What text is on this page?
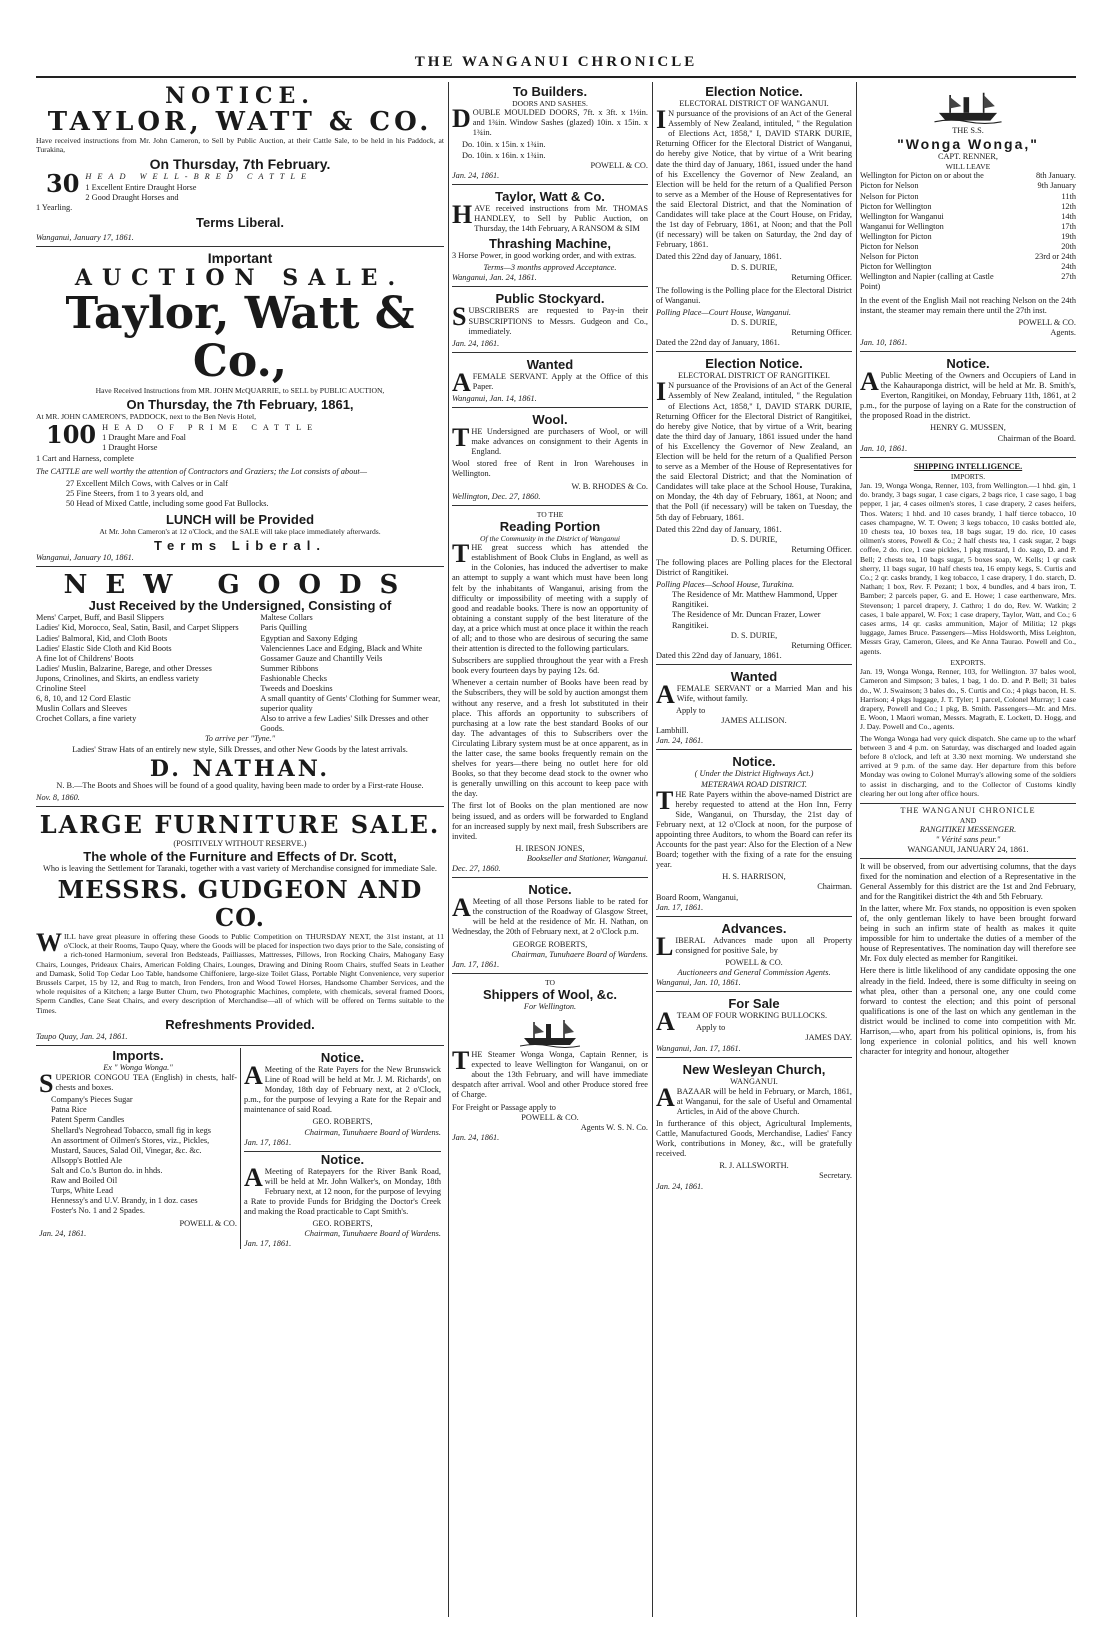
THE WANGANUI CHRONICLE
NOTICE.
TAYLOR, WATT & CO.

Have received instructions from Mr. John Cameron, to Sell by Public Auction, at their Cattle Sale, to be held in his Paddock, at Turakina,

On Thursday, 7th February.
30 HEAD WELL-BRED CATTLE
1 Excellent Entire Draught Horse
2 Good Draught Horses and
1 Yearling.
Terms Liberal.
Wanganui, January 17, 1861.
Important
AUCTION SALE.
Taylor, Watt & Co.,

Have Received Instructions from MR. JOHN McQUARRIE, to SELL by PUBLIC AUCTION,

On Thursday, the 7th February, 1861,

At MR. JOHN CAMERON'S, PADDOCK, next to the Ben Nevis Hotel,

100 HEAD OF PRIME CATTLE
1 Draught Mare and Foal
1 Draught Horse
1 Cart and Harness, complete

The CATTLE are well worthy the attention of Contractors and Graziers; the Lot consists of about—

27 Excellent Milch Cows, with Calves or in Calf
25 Fine Steers, from 1 to 3 years old, and
50 Head of Mixed Cattle, including some good Fat Bullocks.
LUNCH will be Provided

At Mr. John Cameron's at 12 o'Clock, and the SALE will take place immediately afterwards.

Terms Liberal.
Wanganui, January 10, 1861.
NEW GOODS
Just Received by the Undersigned, Consisting of
Mens' Carpet, Buff, and Basil Slippers
Ladies' Kid, Morocco, Seal, Satin, Basil, and Carpet Slippers
Ladies' Balmoral, Kid, and Cloth Boots
Ladies' Elastic Side Cloth and Kid Boots
A fine lot of Childrens' Boots
Ladies' Muslin, Balzarine, Barege, and other Dresses
Jupons, Crinolines, and Skirts, an endless variety
Crinoline Steel
6, 8, 10, and 12 Cord Elastic
Muslin Collars and Sleeves
Crochet Collars, a fine variety
Maltese Collars
Paris Quilling
Egyptian and Saxony Edging
Valenciennes Lace and Edging, Black and White
Gossamer Gauze and Chantilly Veils
Summer Ribbons
Fashionable Checks
Tweeds and Doeskins
A small quantity of Gents' Clothing for Summer wear, superior quality
Also to arrive a few Ladies' Silk Dresses and other Goods.
To arrive per "Tyne."

Ladies' Straw Hats of an entirely new style, Silk Dresses, and other New Goods by the latest arrivals.

D. NATHAN.

N. B.—The Boots and Shoes will be found of a good quality, having been made to order by a First-rate House.

Nov. 8, 1860.
LARGE FURNITURE SALE.
(POSITIVELY WITHOUT RESERVE.)
The whole of the Furniture and Effects of Dr. Scott,

Who is leaving the Settlement for Taranaki, together with a vast variety of Merchandise consigned for immediate Sale.

MESSRS. GUDGEON AND CO.

WILL have great pleasure in offering these Goods to Public Competition on THURSDAY NEXT, the 31st instant, at 11 o'Clock, at their Rooms, Taupo Quay, where the Goods will be placed for inspection two days prior to the Sale, consisting of a rich-toned Harmonium, several Iron Bedsteads, Pailliasses, Mattresses, Pillows, Iron Rocking Chairs, Mahogany Easy Chairs, Lounges, Prideaux Chairs, American Folding Chairs, Lounges, Drawing and Dining Room Chairs, stuffed Seats in Leather and Damask, Solid Top Cedar Loo Table, handsome Chiffoniere, large-size Toilet Glass, Portable Night Convenience, very superior Brussels Carpet, 15 by 12, and Rug to match, Iron Fenders, Iron and Wood Towel Horses, Handsome Chamber Services, and the whole requisites of a Kitchen; a large Butter Churn, two Photographic Machines, complete, with chemicals, several framed Doors, Sperm Candles, Cane Seat Chairs, and every description of Merchandise—all of which will be offered on Terms suitable to the Times.

Refreshments Provided.
Taupo Quay, Jan. 24, 1861.
Imports.
Ex " Wonga Wonga."

SUPERIOR CONGOU TEA (English) in chests, half-chests and boxes.

Company's Pieces Sugar
Patna Rice
Patent Sperm Candles
Shellard's Negrohead Tobacco, small fig in kegs
An assortment of Oilmen's Stores, viz., Pickles, Mustard, Sauces, Salad Oil, Vinegar, &c. &c.
Allsopp's Bottled Ale
Salt and Co.'s Burton do. in hhds.
Raw and Boiled Oil
Turps, White Lead
Hennessy's and U.V. Brandy, in 1 doz. cases
Foster's No. 1 and 2 Spades.
POWELL & CO.
Jan. 24, 1861.
Notice.

AMeeting of the Rate Payers for the New Brunswick Line of Road will be held at Mr. J. M. Richards', on Monday, 18th day of February next, at 2 o'Clock, p.m., for the purpose of levying a Rate for the Repair and maintenance of said Road.

GEO. ROBERTS,
Chairman, Tunuhaere Board of Wardens.
Jan. 17, 1861.
Notice.

AMeeting of Ratepayers for the River Bank Road, will be held at Mr. John Walker's, on Monday, 18th February next, at 12 noon, for the purpose of levying a Rate to provide Funds for Bridging the Doctor's Creek and making the Road practicable to Capt Smith's.

GEO. ROBERTS,
Chairman, Tunuhaere Board of Wardens.
Jan. 17, 1861.
To Builders.
DOORS AND SASHES.

DOUBLE MOULDED DOORS, 7ft. x 3ft. x 1½in. and 1¾in. Window Sashes (glazed) 10in. x 15in. x 1¾in.

Do. 10in. x 15in. x 1¾in.
Do. 10in. x 16in. x 1¾in.
POWELL & CO.
Jan. 24, 1861.
Taylor, Watt & Co.

HAVE received instructions from Mr. THOMAS HANDLEY, to Sell by Public Auction, on Thursday, the 14th February, A RANSOM & SIM

Thrashing Machine,

3 Horse Power, in good working order, and with extras.

Terms—3 months approved Acceptance.
Wanganui, Jan. 24, 1861.
Public Stockyard.

SUBSCRIBERS are requested to Pay-in their SUBSCRIPTIONS to Messrs. Gudgeon and Co., immediately.

Jan. 24, 1861.
Wanted

AFEMALE SERVANT. Apply at the Office of this Paper.

Wanganui, Jan. 14, 1861.
Wool.

THE Undersigned are purchasers of Wool, or will make advances on consignment to their Agents in England.

Wool stored free of Rent in Iron Warehouses in Wellington.

W. B. RHODES & Co.
Wellington, Dec. 27, 1860.
TO THE
Reading Portion
Of the Community in the District of Wanganui

THE great success which has attended the establishment of Book Clubs in England, as well as in the Colonies, has induced the advertiser to make an attempt to supply a want which must have been long felt by the inhabitants of Wanganui, arising from the difficulty or impossibility of meeting with a supply of good and readable books. There is now an opportunity of obtaining a constant supply of the best literature of the day, at a price which must at once place it within the reach of all; and to those who are desirous of securing the same their attention is directed to the following particulars.

Subscribers are supplied throughout the year with a Fresh book every fourteen days by paying 12s. 6d.

Whenever a certain number of Books have been read by the Subscribers, they will be sold by auction amongst them without any reserve, and a fresh lot substituted in their place. This affords an opportunity to subscribers of purchasing at a low rate the best standard Books of our day. The advantages of this to Subscribers over the Circulating Library system must be at once apparent, as in the latter case, the same books frequently remain on the shelves for years—there being no outlet here for old Books, so that they become dead stock to the owner who is generally unwilling on this account to keep pace with the day.

The first lot of Books on the plan mentioned are now being issued, and as orders will be forwarded to England for an increased supply by next mail, fresh Subscribers are invited.

H. IRESON JONES,
Bookseller and Stationer, Wanganui.
Dec. 27, 1860.
Notice.

AMeeting of all those Persons liable to be rated for the construction of the Roadway of Glasgow Street, will be held at the residence of Mr. H. Nathan, on Wednesday, the 20th of February next, at 2 o'Clock p.m.

GEORGE ROBERTS,
Chairman, Tunuhaere Board of Wardens.
Jan. 17, 1861.
TO
Shippers of Wool, &c.
For Wellington.

THE Steamer Wonga Wonga, Captain Renner, is expected to leave Wellington for Wanganui, on or about the 13th February, and will have immediate despatch after arrival. Wool and other Produce stored free of Charge.

For Freight or Passage apply to
POWELL & CO.
Agents W. S. N. Co.
Jan. 24, 1861.
Election Notice.
ELECTORAL DISTRICT OF WANGANUI.

IN pursuance of the provisions of an Act of the General Assembly of New Zealand, intituled, " the Regulation of Elections Act, 1858," I, DAVID STARK DURIE, Returning Officer for the Electoral District of Wanganui, do hereby give Notice, that by virtue of a Writ bearing date the third day of January, 1861, issued under the hand of his Excellency the Governor of New Zealand, an Election will be held for the return of a Qualified Person to serve as a Member of the House of Representatives for the said Electoral District, and that the Nomination of Candidates will take place at the Court House, on Friday, the 1st day of February, 1861, at Noon; and that the Poll (if necessary) will be taken on Saturday, the 2nd day of February, 1861.

Dated this 22nd day of January, 1861.
D. S. DURIE,
Returning Officer.

The following is the Polling place for the Electoral District of Wanganui.

Polling Place—Court House, Wanganui.
D. S. DURIE,
Returning Officer.
Dated the 22nd day of January, 1861.
Election Notice.
ELECTORAL DISTRICT OF RANGITIKEI.

IN pursuance of the Provisions of an Act of the General Assembly of New Zealand, intituled, " the Regulation of Elections Act, 1858," I, DAVID STARK DURIE, Returning Officer for the Electoral District of Rangitikei, do hereby give Notice, that by virtue of a Writ, bearing date the third day of January, 1861 issued under the hand of his Excellency the Governor of New Zealand, an Election will be held for the return of a Qualified Person to serve as a Member of the House of Representatives for the said Electoral District; and that the Nomination of Candidates will take place at the School House, Turakina, on Monday, the 4th day of February, 1861, at Noon; and that the Poll (if necessary) will be taken on Tuesday, the 5th day of February, 1861.

Dated this 22nd day of January, 1861.
D. S. DURIE,
Returning Officer.

The following places are Polling places for the Electoral District of Rangitikei.

Polling Places—School House, Turakina.
The Residence of Mr. Matthew Hammond, Upper Rangitikei.
The Residence of Mr. Duncan Frazer, Lower Rangitikei.
D. S. DURIE,
Returning Officer.
Dated this 22nd day of January, 1861.
Wanted

AFEMALE SERVANT or a Married Man and his Wife, without family.

Apply to
JAMES ALLISON.
Lambhill.
Jan. 24, 1861.
Notice.
( Under the District Highways Act.)
METERAWA ROAD DISTRICT.

THE Rate Payers within the above-named District are hereby requested to attend at the Hon Inn, Ferry Side, Wanganui, on Thursday, the 21st day of February next, at 12 o'Clock at noon, for the purpose of appointing three Auditors, to whom the Board can refer its Accounts for the past year: Also for the Election of a New Board; together with the fixing of a rate for the ensuing year.

H. S. HARRISON,
Chairman.
Board Room, Wanganui,
Jan. 17, 1861.
Advances.

LIBERAL Advances made upon all Property consigned for positive Sale, by

POWELL & CO.
Auctioneers and General Commission Agents.
Wanganui, Jan. 10, 1861.
For Sale

ATEAM OF FOUR WORKING BULLOCKS.

Apply to
JAMES DAY.
Wanganui, Jan. 17, 1861.
New Wesleyan Church,
WANGANUI.

ABAZAAR will be held in February, or March, 1861, at Wanganui, for the sale of Useful and Ornamental Articles, in Aid of the above Church.

In furtherance of this object, Agricultural Implements, Cattle, Manufactured Goods, Merchandise, Ladies' Fancy Work, contributions in Money, &c., will be gratefully received.

R. J. ALLSWORTH.
Secretary.
Jan. 24, 1861.
THE S.S.
"Wonga Wonga,"
CAPT. RENNER,
WILL LEAVE
Wellington for Picton on or about the	8th January.
Picton for Nelson	9th January
Nelson for Picton	11th
Picton for Wellington	12th
Wellington for Wanganui	14th
Wanganui for Wellington	17th
Wellington for Picton	19th
Picton for Nelson	20th
Nelson for Picton	23rd or 24th
Picton for Wellington	24th
Wellington and Napier (calling at Castle Point)
27th

In the event of the English Mail not reaching Nelson on the 24th instant, the steamer may remain there until the 27th inst.

POWELL & CO.
Agents.
Jan. 10, 1861.
Notice.

APublic Meeting of the Owners and Occupiers of Land in the Kahauraponga district, will be held at Mr. B. Smith's, Everton, Rangitikei, on Monday, February 11th, 1861, at 2 p.m., for the purpose of laying on a Rate for the construction of the proposed Road in the district.

HENRY G. MUSSEN,
Chairman of the Board.
Jan. 10, 1861.
SHIPPING INTELLIGENCE.
IMPORTS.

Jan. 19, Wonga Wonga, Renner, 103, from Wellington.—1 hhd. gin, 1 do. brandy, 3 bags sugar, 1 case cigars, 2 bags rice, 1 case sago, 1 bag pepper, 1 jar, 4 cases oilmen's stores, 1 case drapery, 2 cases heifers, Thos. Waters; 1 hhd. and 10 cases brandy, 1 half tierce tobacco, 10 cases champagne, W. T. Owen; 3 kegs tobacco, 10 casks bottled ale, 10 chests tea, 10 boxes tea, 18 bags sugar, 19 do. rice, 10 cases oilmen's stores, Powell & Co.; 2 half chests tea, 1 cask sugar, 2 bags coffee, 2 do. rice, 1 case pickles, 1 pkg mustard, 1 do. sago, D. and P. Bell; 2 chests tea, 10 bags sugar, 5 boxes soap, W. Kells; 1 qr cask sherry, 11 bags sugar, 10 half chests tea, 16 empty kegs, S. Curtis and Co.; 2 qr. casks brandy, 1 keg tobacco, 1 case drapery, 1 do. starch, D. Nathan; 1 box, Rev. F. Pezant; 1 box, 4 bundles, and 4 bars iron, T. Bamber; 2 parcels paper, G. and E. Howe; 1 case earthenware, Mrs. Stevenson; 1 parcel drapery, J. Cathro; 1 do do, Rev. W. Watkin; 2 cases, 1 bale apparel, W. Fox; 1 case drapery, Taylor, Watt, and Co.; 6 cases arms, 14 qr. casks ammunition, Major of Militia; 12 pkgs luggage, James Bruce. Passengers—Miss Holdsworth, Miss Leighton, Messrs Gray, Cameron, Glees, and Ke Anna Taurao. Powell and Co., agents.

EXPORTS.

Jan. 19, Wonga Wonga, Renner, 103, for Wellington. 37 bales wool, Cameron and Simpson; 3 bales, 1 bag, 1 do. D. and P. Bell; 31 bales do., W. J. Swainson; 3 bales do., S. Curtis and Co.; 4 pkgs bacon, H. S. Harrison; 4 pkgs luggage, J. T. Tyler; 1 parcel, Colonel Murray; 1 case drapery, Powell and Co.; 1 pkg, B. Smith. Passengers—Mr. and Mrs. E. Woon, 1 Maori woman, Messrs. Magrath, E. Lockett, D. Hogg, and J. Day. Powell and Co., agents.

The Wonga Wonga had very quick dispatch. She came up to the wharf between 3 and 4 p.m. on Saturday, was discharged and loaded again before 8 o'clock, and left at 3.30 next morning. We understand she arrived at 9 p.m. of the same day. Her departure from this before Monday was owing to Colonel Murray's allowing some of the soldiers to assist in discharging, and to the Collector of Customs kindly clearing her out long after office hours.

THE WANGANUI CHRONICLE
AND
RANGITIKEI MESSENGER.
" Vérité sans peur."
WANGANUI, JANUARY 24, 1861.

It will be observed, from our advertising columns, that the days fixed for the nomination and election of a Representative in the General Assembly for this district are the 1st and 2nd February, and for the Rangitikei district the 4th and 5th February.

In the latter, where Mr. Fox stands, no opposition is even spoken of, the only gentleman likely to have been brought forward being in such an infirm state of health as makes it quite impossible for him to undertake the duties of a member of the house of Representatives. The nomination day will therefore see Mr. Fox duly elected as member for Rangitikei.

Here there is little likelihood of any candidate opposing the one already in the field. Indeed, there is some difficulty in seeing on what plea, other than a personal one, any one could come forward to contest the election; and this point of personal qualifications is one of the last on which any gentleman in the district would be inclined to come into competition with Mr. Harrison,—who, apart from his political opinions, is, from his long experience in colonial politics, and his well known character for integrity and honour, altogether
